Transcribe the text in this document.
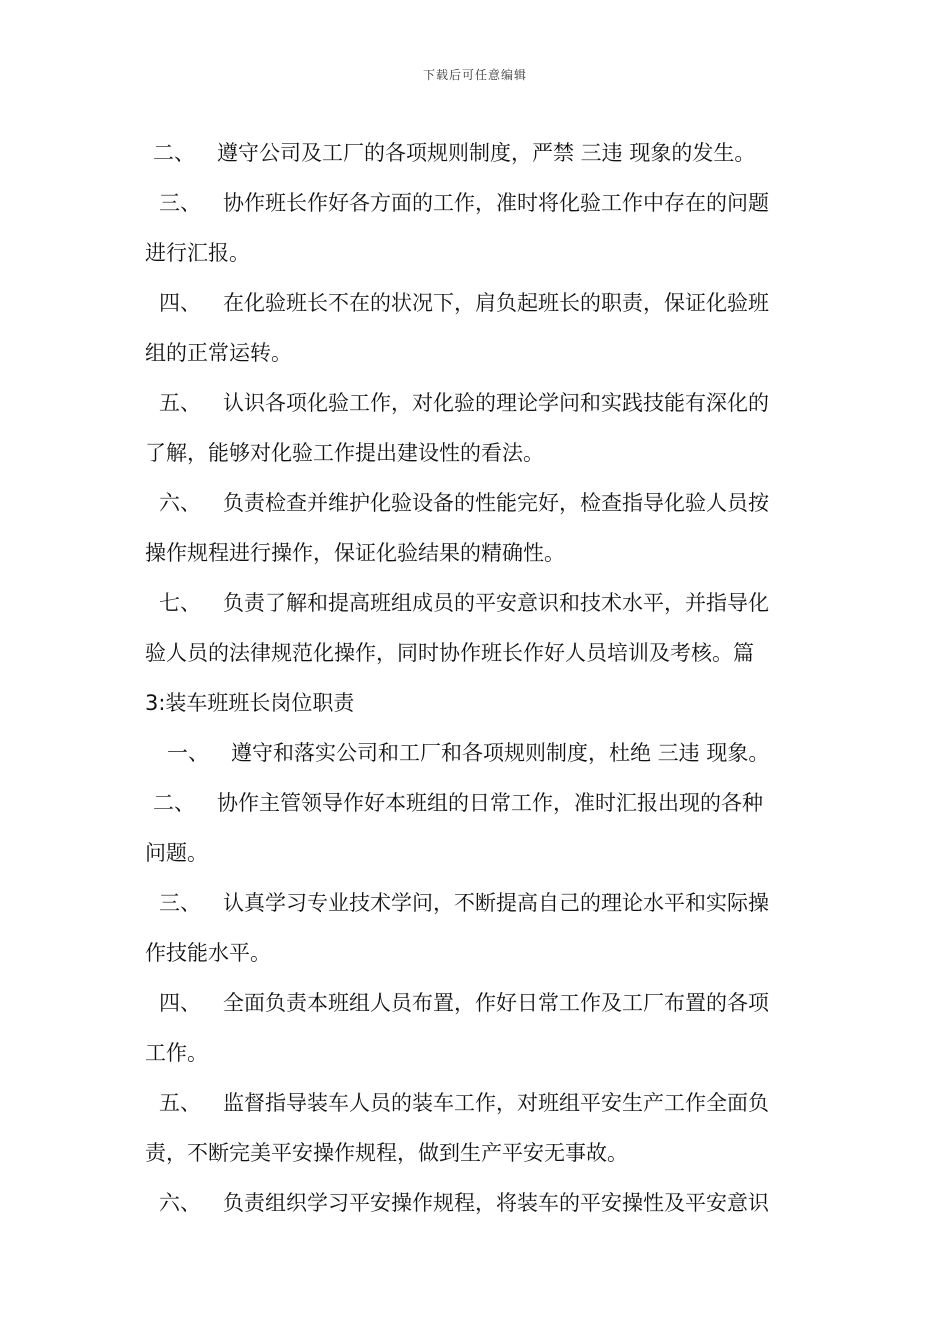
下载后可任意编辑
二、 遵守公司及工厂的各项规则制度，严禁 三违 现象的发生。
三、 协作班长作好各方面的工作，准时将化验工作中存在的问题
进行汇报。
四、 在化验班长不在的状况下，肩负起班长的职责，保证化验班
组的正常运转。
五、 认识各项化验工作，对化验的理论学问和实践技能有深化的
了解，能够对化验工作提出建设性的看法。
六、 负责检查并维护化验设备的性能完好，检查指导化验人员按
操作规程进行操作，保证化验结果的精确性。
七、 负责了解和提高班组成员的平安意识和技术水平，并指导化
验人员的法律规范化操作，同时协作班长作好人员培训及考核。篇
3:装车班班长岗位职责
一、 遵守和落实公司和工厂和各项规则制度，杜绝 三违 现象。
二、 协作主管领导作好本班组的日常工作，准时汇报出现的各种
问题。
三、 认真学习专业技术学问，不断提高自己的理论水平和实际操
作技能水平。
四、 全面负责本班组人员布置，作好日常工作及工厂布置的各项
工作。
五、 监督指导装车人员的装车工作，对班组平安生产工作全面负
责，不断完美平安操作规程，做到生产平安无事故。
六、 负责组织学习平安操作规程，将装车的平安操性及平安意识
